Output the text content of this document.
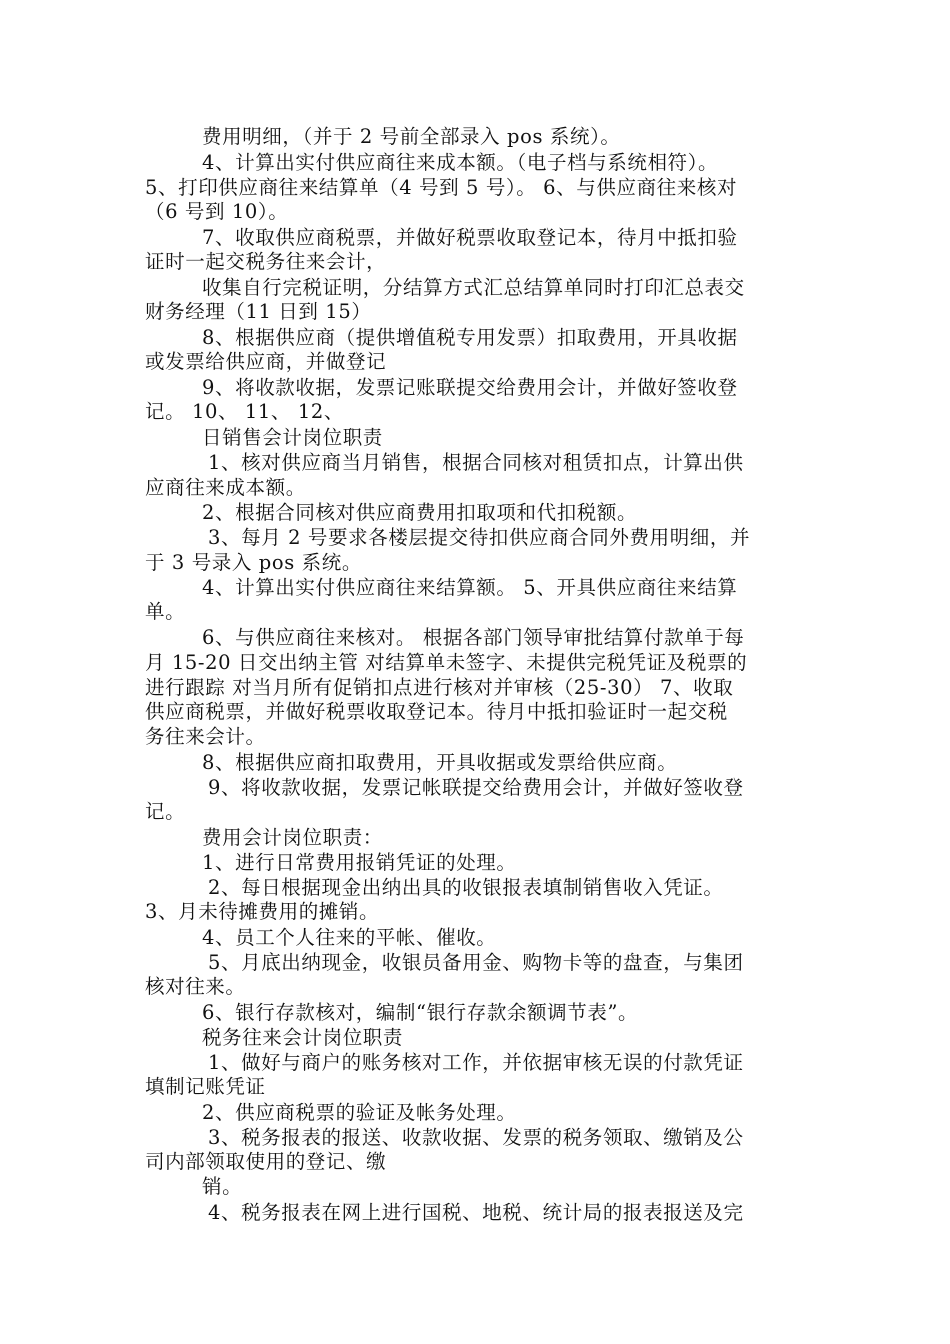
费用明细，（并于 2 号前全部录入 pos 系统）。
4、计算出实付供应商往来成本额。（电子档与系统相符）。
5、打印供应商往来结算单（4 号到 5 号）。 6、与供应商往来核对
（6 号到 10）。
7、收取供应商税票，并做好税票收取登记本，待月中抵扣验
证时一起交税务往来会计，
收集自行完税证明，分结算方式汇总结算单同时打印汇总表交
财务经理（11 日到 15）
8、根据供应商（提供增值税专用发票）扣取费用，开具收据
或发票给供应商，并做登记
9、将收款收据，发票记账联提交给费用会计，并做好签收登
记。 10、 11、 12、
日销售会计岗位职责
1、核对供应商当月销售，根据合同核对租赁扣点，计算出供
应商往来成本额。
2、根据合同核对供应商费用扣取项和代扣税额。
3、每月 2 号要求各楼层提交待扣供应商合同外费用明细，并
于 3 号录入 pos 系统。
4、计算出实付供应商往来结算额。 5、开具供应商往来结算
单。
6、与供应商往来核对。 根据各部门领导审批结算付款单于每
月 15-20 日交出纳主管 对结算单未签字、未提供完税凭证及税票的
进行跟踪 对当月所有促销扣点进行核对并审核（25-30） 7、收取
供应商税票，并做好税票收取登记本。待月中抵扣验证时一起交税
务往来会计。
8、根据供应商扣取费用，开具收据或发票给供应商。
9、将收款收据，发票记帐联提交给费用会计，并做好签收登
记。
费用会计岗位职责：
1、进行日常费用报销凭证的处理。
2、每日根据现金出纳出具的收银报表填制销售收入凭证。
3、月未待摊费用的摊销。
4、员工个人往来的平帐、催收。
5、月底出纳现金，收银员备用金、购物卡等的盘查，与集团
核对往来。
6、银行存款核对，编制“银行存款余额调节表”。
税务往来会计岗位职责
1、做好与商户的账务核对工作，并依据审核无误的付款凭证
填制记账凭证
2、供应商税票的验证及帐务处理。
3、税务报表的报送、收款收据、发票的税务领取、缴销及公
司内部领取使用的登记、缴
销。
4、税务报表在网上进行国税、地税、统计局的报表报送及完
